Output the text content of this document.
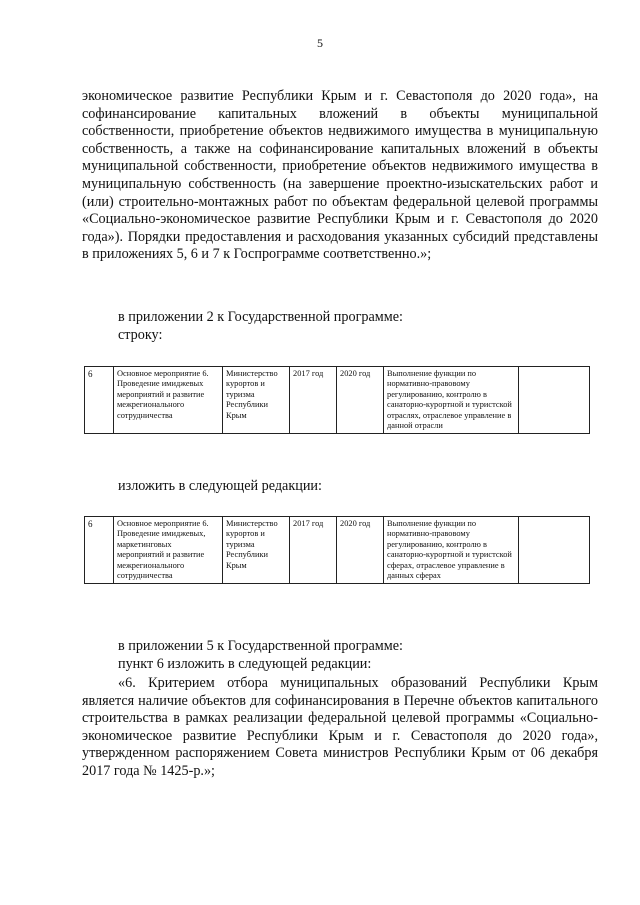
5

экономическое развитие Республики Крым и г. Севастополя до 2020 года», на софинансирование капитальных вложений в объекты муниципальной собственности, приобретение объектов недвижимого имущества в муниципальную собственность, а также на софинансирование капитальных вложений в объекты муниципальной собственности, приобретение объектов недвижимого имущества в муниципальную собственность (на завершение проектно-изыскательских работ и (или) строительно-монтажных работ по объектам федеральной целевой программы «Социально-экономическое развитие Республики Крым и г. Севастополя до 2020 года»). Порядки предоставления и расходования указанных субсидий представлены в приложениях 5, 6 и 7 к Госпрограмме соответственно.»;

в приложении 2 к Государственной программе:

строку:

6	Основное мероприятие 6. Проведение имиджевых мероприятий и развитие межрегионального сотрудничества	Министерство курортов и туризма Республики Крым	2017 год	2020 год	Выполнение функции по нормативно-правовому регулированию, контролю в санаторно-курортной и туристской отраслях, отраслевое управление в данной отрасли	

изложить в следующей редакции:

6	Основное мероприятие 6. Проведение имиджевых, маркетинговых мероприятий и развитие межрегионального сотрудничества	Министерство курортов и туризма Республики Крым	2017 год	2020 год	Выполнение функции по нормативно-правовому регулированию, контролю в санаторно-курортной и туристской сферах, отраслевое управление в данных сферах	

в приложении 5 к Государственной программе:

пункт 6 изложить в следующей редакции:

«6. Критерием отбора муниципальных образований Республики Крым является наличие объектов для софинансирования в Перечне объектов капитального строительства в рамках реализации федеральной целевой программы «Социально-экономическое развитие Республики Крым и г. Севастополя до 2020 года», утвержденном распоряжением Совета министров Республики Крым от 06 декабря 2017 года № 1425-р.»;
